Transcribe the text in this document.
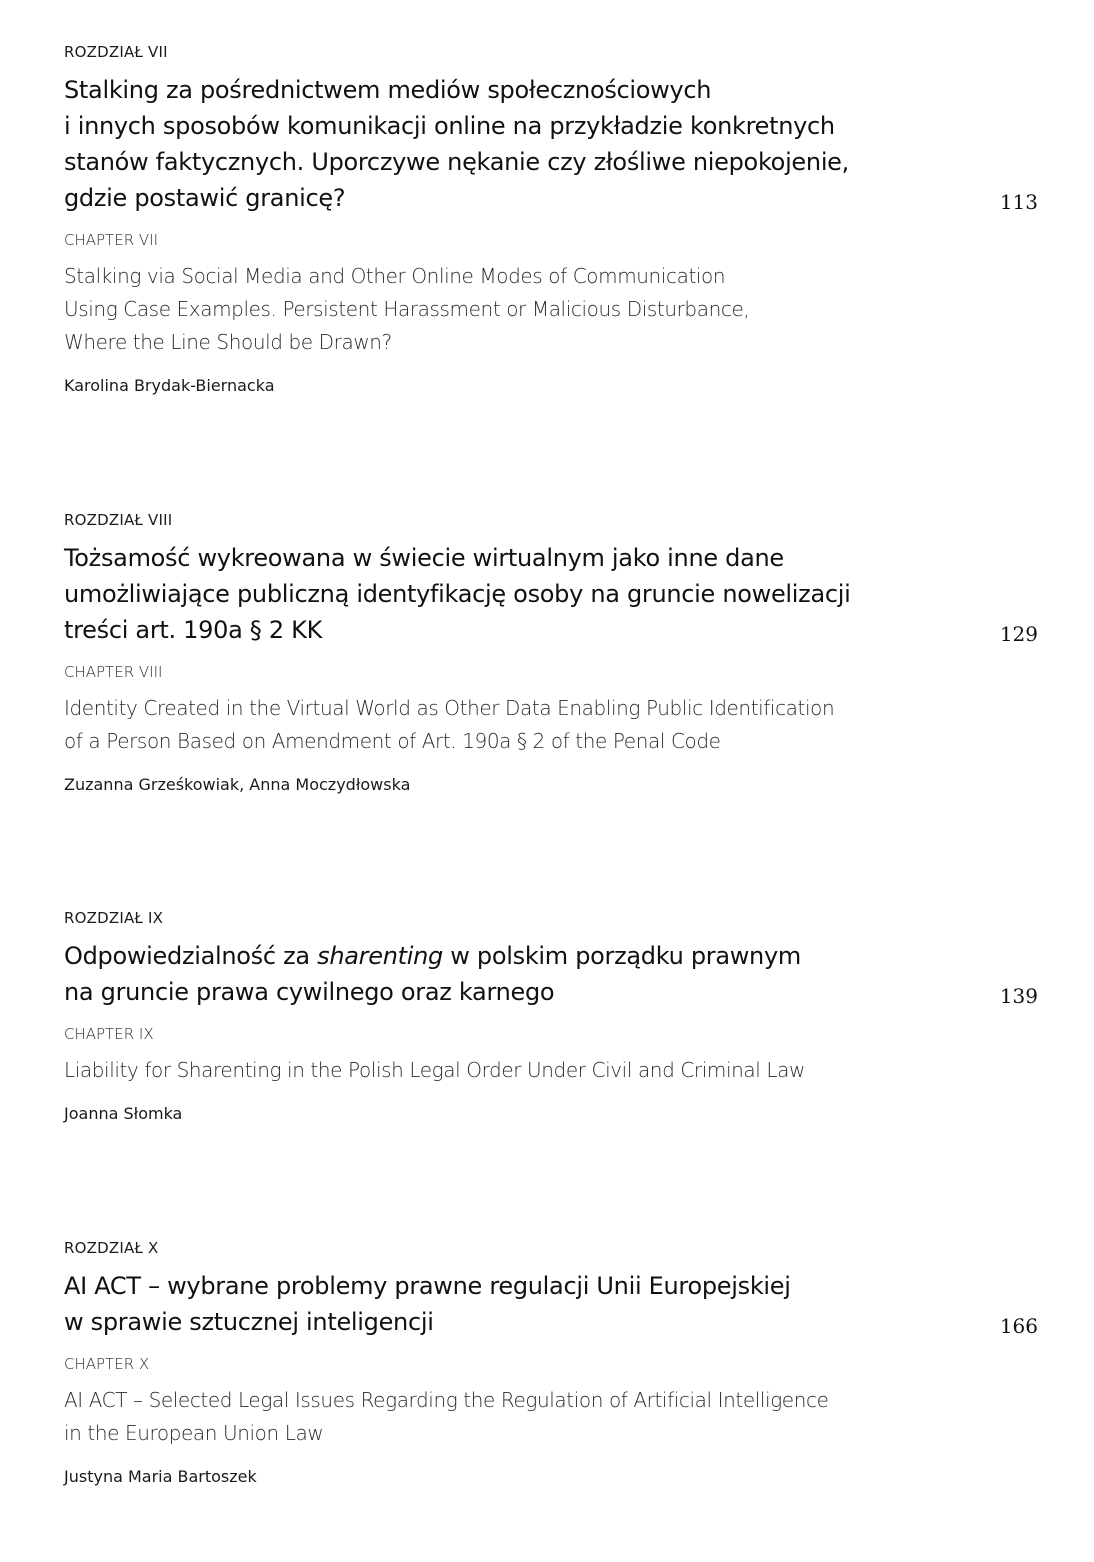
ROZDZIAŁ VII

Stalking za pośrednictwem mediów społecznościowych
i innych sposobów komunikacji online na przykładzie konkretnych
stanów faktycznych. Uporczywe nękanie czy złośliwe niepokojenie,
gdzie postawić granicę?	113

CHAPTER VII

Stalking via Social Media and Other Online Modes of Communication
Using Case Examples. Persistent Harassment or Malicious Disturbance,
Where the Line Should be Drawn?

Karolina Brydak-Biernacka

ROZDZIAŁ VIII

Tożsamość wykreowana w świecie wirtualnym jako inne dane
umożliwiające publiczną identyfikację osoby na gruncie nowelizacji
treści art. 190a § 2 KK	129

CHAPTER VIII

Identity Created in the Virtual World as Other Data Enabling Public Identification
of a Person Based on Amendment of Art. 190a § 2 of the Penal Code

Zuzanna Grześkowiak, Anna Moczydłowska

ROZDZIAŁ IX

Odpowiedzialność za sharenting w polskim porządku prawnym
na gruncie prawa cywilnego oraz karnego	139

CHAPTER IX

Liability for Sharenting in the Polish Legal Order Under Civil and Criminal Law

Joanna Słomka

ROZDZIAŁ X

AI ACT – wybrane problemy prawne regulacji Unii Europejskiej
w sprawie sztucznej inteligencji	166

CHAPTER X

AI ACT – Selected Legal Issues Regarding the Regulation of Artificial Intelligence
in the European Union Law

Justyna Maria Bartoszek
